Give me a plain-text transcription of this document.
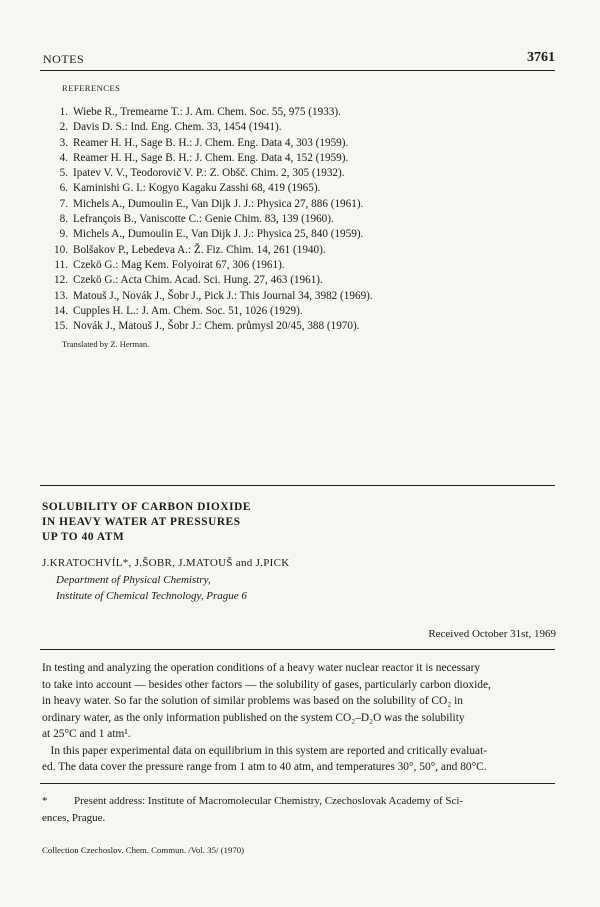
NOTES	3761
REFERENCES
1. Wiebe R., Tremearne T.: J. Am. Chem. Soc. 55, 975 (1933).
2. Davis D. S.: Ind. Eng. Chem. 33, 1454 (1941).
3. Reamer H. H., Sage B. H.: J. Chem. Eng. Data 4, 303 (1959).
4. Reamer H. H., Sage B. H.: J. Chem. Eng. Data 4, 152 (1959).
5. Ipatev V. V., Teodorovič V. P.: Z. Obšč. Chim. 2, 305 (1932).
6. Kaminishi G. I.: Kogyo Kagaku Zasshi 68, 419 (1965).
7. Michels A., Dumoulin E., Van Dijk J. J.: Physica 27, 886 (1961).
8. Lefrançois B., Vaniscotte C.: Genie Chim. 83, 139 (1960).
9. Michels A., Dumoulin E., Van Dijk J. J.: Physica 25, 840 (1959).
10. Bolšakov P., Lebedeva A.: Ž. Fiz. Chim. 14, 261 (1940).
11. Czekö G.: Mag Kem. Folyoirat 67, 306 (1961).
12. Czekö G.: Acta Chim. Acad. Sci. Hung. 27, 463 (1961).
13. Matouš J., Novák J., Šobr J., Pick J.: This Journal 34, 3982 (1969).
14. Cupples H. L.: J. Am. Chem. Soc. 51, 1026 (1929).
15. Novák J., Matouš J., Šobr J.: Chem. průmysl 20/45, 388 (1970).
Translated by Z. Herman.
SOLUBILITY OF CARBON DIOXIDE
IN HEAVY WATER AT PRESSURES
UP TO 40 ATM
J.KRATOCHVÍL*, J.ŠOBR, J.MATOUŠ and J.PICK
Department of Physical Chemistry,
Institute of Chemical Technology, Prague 6
Received October 31st, 1969
In testing and analyzing the operation conditions of a heavy water nuclear reactor it is necessary
to take into account — besides other factors — the solubility of gases, particularly carbon dioxide,
in heavy water. So far the solution of similar problems was based on the solubility of CO₂ in
ordinary water, as the only information published on the system CO₂–D₂O was the solubility
at 25°C and 1 atm¹.
In this paper experimental data on equilibrium in this system are reported and critically evaluat-
ed. The data cover the pressure range from 1 atm to 40 atm, and temperatures 30°, 50°, and 80°C.
* Present address: Institute of Macromolecular Chemistry, Czechoslovak Academy of Sci-
ences, Prague.
Collection Czechoslov. Chem. Commun. /Vol. 35/ (1970)
